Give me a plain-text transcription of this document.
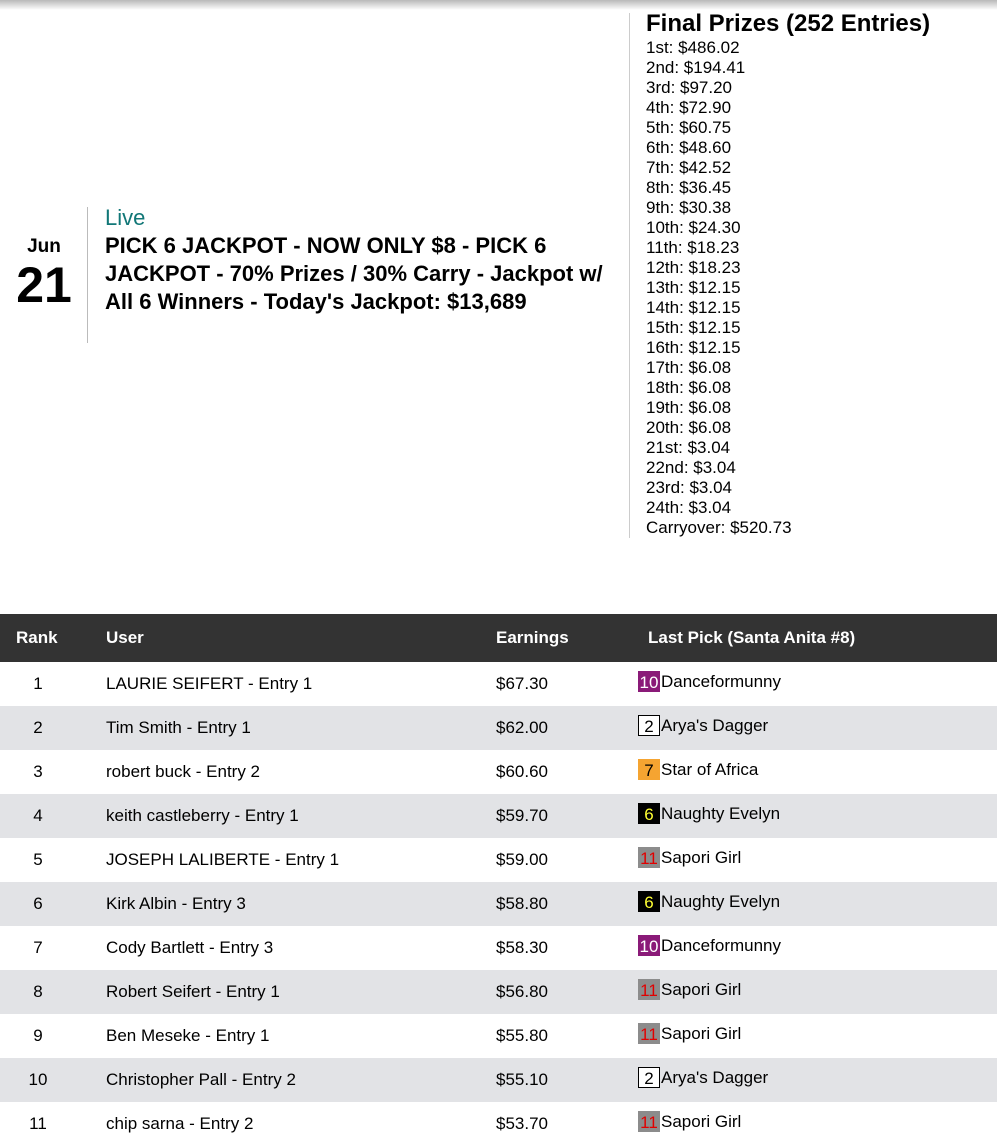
Jun
21
Live
PICK 6 JACKPOT - NOW ONLY $8 - PICK 6 JACKPOT - 70% Prizes / 30% Carry - Jackpot w/ All 6 Winners - Today's Jackpot: $13,689
Final Prizes (252 Entries)
1st: $486.02
2nd: $194.41
3rd: $97.20
4th: $72.90
5th: $60.75
6th: $48.60
7th: $42.52
8th: $36.45
9th: $30.38
10th: $24.30
11th: $18.23
12th: $18.23
13th: $12.15
14th: $12.15
15th: $12.15
16th: $12.15
17th: $6.08
18th: $6.08
19th: $6.08
20th: $6.08
21st: $3.04
22nd: $3.04
23rd: $3.04
24th: $3.04
Carryover: $520.73
Rank	User	Earnings	Last Pick (Santa Anita #8)
1	LAURIE SEIFERT - Entry 1	$67.30	10 Danceformunny

2	Tim Smith - Entry 1	$62.00	2 Arya's Dagger

3	robert buck - Entry 2	$60.60	7 Star of Africa

4	keith castleberry - Entry 1	$59.70	6 Naughty Evelyn

5	JOSEPH LALIBERTE - Entry 1	$59.00	11 Sapori Girl

6	Kirk Albin - Entry 3	$58.80	6 Naughty Evelyn

7	Cody Bartlett - Entry 3	$58.30	10 Danceformunny

8	Robert Seifert - Entry 1	$56.80	11 Sapori Girl

9	Ben Meseke - Entry 1	$55.80	11 Sapori Girl

10	Christopher Pall - Entry 2	$55.10	2 Arya's Dagger

11	chip sarna - Entry 2	$53.70	11 Sapori Girl
